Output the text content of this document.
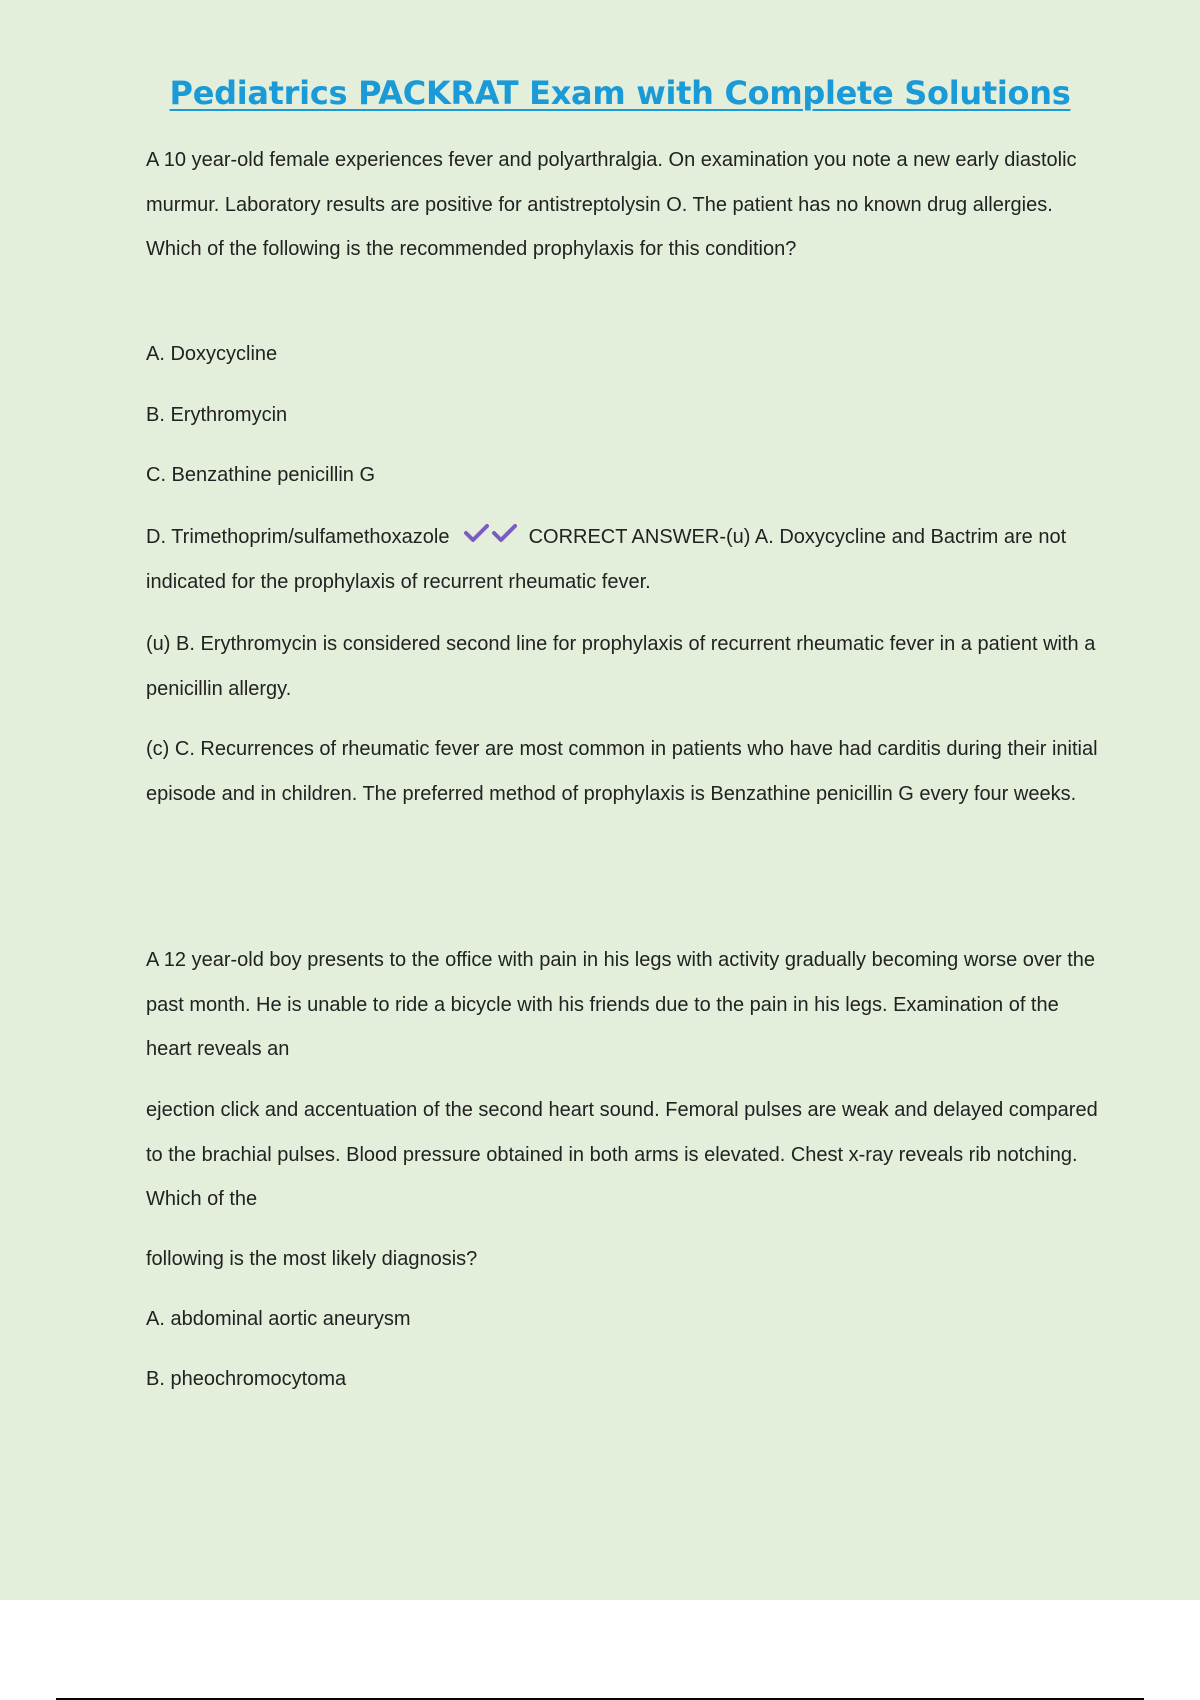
Pediatrics PACKRAT Exam with Complete Solutions

A 10 year-old female experiences fever and polyarthralgia. On examination you note a new early diastolic murmur. Laboratory results are positive for antistreptolysin O. The patient has no known drug allergies. Which of the following is the recommended prophylaxis for this condition?

A. Doxycycline

B. Erythromycin

C. Benzathine penicillin G

D. Trimethoprim/sulfamethoxazole	CORRECT ANSWER-(u) A. Doxycycline and Bactrim are not indicated for the prophylaxis of recurrent rheumatic fever.

(u) B. Erythromycin is considered second line for prophylaxis of recurrent rheumatic fever in a patient with a penicillin allergy.

(c) C. Recurrences of rheumatic fever are most common in patients who have had carditis during their initial episode and in children. The preferred method of prophylaxis is Benzathine penicillin G every four weeks.

A 12 year-old boy presents to the office with pain in his legs with activity gradually becoming worse over the past month. He is unable to ride a bicycle with his friends due to the pain in his legs. Examination of the heart reveals an

ejection click and accentuation of the second heart sound. Femoral pulses are weak and delayed compared to the brachial pulses. Blood pressure obtained in both arms is elevated. Chest x-ray reveals rib notching. Which of the

following is the most likely diagnosis?

A. abdominal aortic aneurysm

B. pheochromocytoma
